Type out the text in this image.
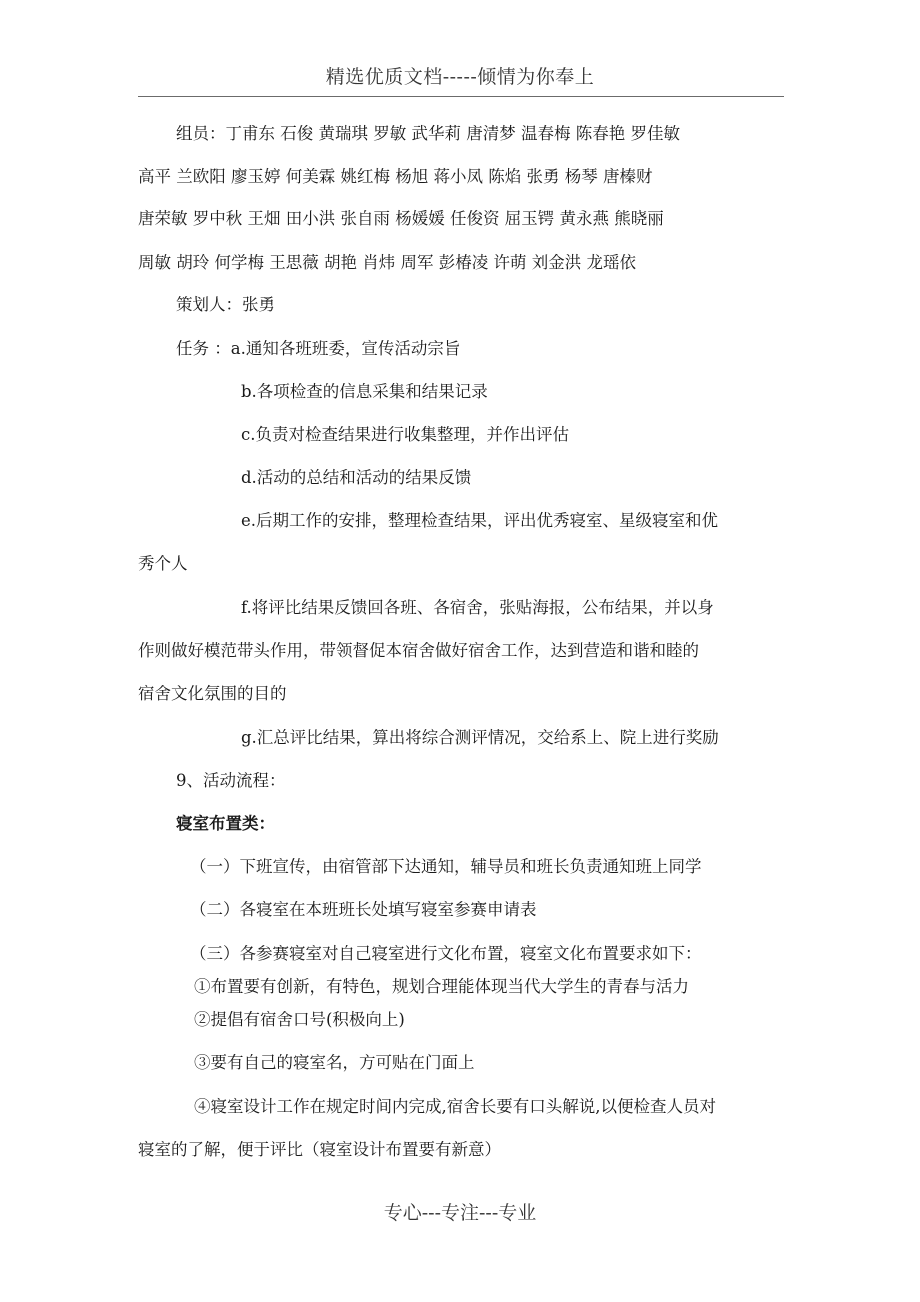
精选优质文档-----倾情为你奉上
组员：丁甫东 石俊 黄瑞琪 罗敏 武华莉 唐清梦 温春梅 陈春艳 罗佳敏
高平 兰欧阳 廖玉婷 何美霖 姚红梅 杨旭 蒋小凤 陈焰 张勇 杨琴 唐榛财
唐荣敏 罗中秋 王畑 田小洪 张自雨 杨媛媛 任俊资 屈玉锷 黄永燕 熊晓丽
周敏 胡玲 何学梅 王思薇 胡艳 肖炜 周军 彭椿凌 许萌 刘金洪 龙瑶依
策划人：张勇
任务 ：a.通知各班班委，宣传活动宗旨
b.各项检查的信息采集和结果记录
c.负责对检查结果进行收集整理，并作出评估
d.活动的总结和活动的结果反馈
e.后期工作的安排，整理检查结果，评出优秀寝室、星级寝室和优
秀个人
f.将评比结果反馈回各班、各宿舍，张贴海报，公布结果，并以身
作则做好模范带头作用，带领督促本宿舍做好宿舍工作，达到营造和谐和睦的
宿舍文化氛围的目的
g.汇总评比结果，算出将综合测评情况，交给系上、院上进行奖励
9、活动流程：
寝室布置类：
（一）下班宣传，由宿管部下达通知，辅导员和班长负责通知班上同学
（二）各寝室在本班班长处填写寝室参赛申请表
（三）各参赛寝室对自己寝室进行文化布置，寝室文化布置要求如下：
①布置要有创新，有特色，规划合理能体现当代大学生的青春与活力
②提倡有宿舍口号(积极向上)
③要有自己的寝室名，方可贴在门面上
④寝室设计工作在规定时间内完成,宿舍长要有口头解说,以便检查人员对
寝室的了解，便于评比（寝室设计布置要有新意）
专心---专注---专业
